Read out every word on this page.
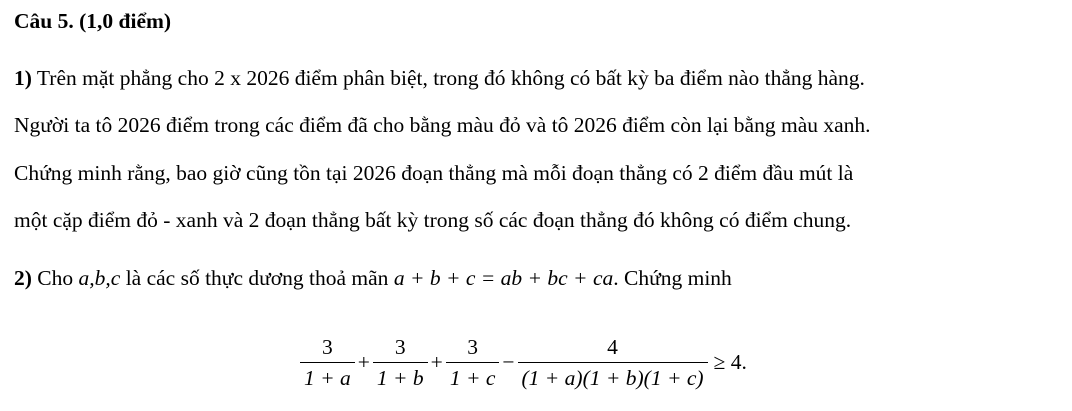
Câu 5. (1,0 điểm)
1) Trên mặt phẳng cho 2 x 2026 điểm phân biệt, trong đó không có bất kỳ ba điểm nào thẳng hàng.
Người ta tô 2026 điểm trong các điểm đã cho bằng màu đỏ và tô 2026 điểm còn lại bằng màu xanh.
Chứng minh rằng, bao giờ cũng tồn tại 2026 đoạn thẳng mà mỗi đoạn thẳng có 2 điểm đầu mút là
một cặp điểm đỏ - xanh và 2 đoạn thẳng bất kỳ trong số các đoạn thẳng đó không có điểm chung.
2) Cho a,b,c là các số thực dương thoả mãn a + b + c = ab + bc + ca. Chứng minh
$\frac{3}{1 + a} + \frac{3}{1 + b} + \frac{3}{1 + c} - \frac{4}{(1 + a)(1 + b)(1 + c)} \ge 4$.
